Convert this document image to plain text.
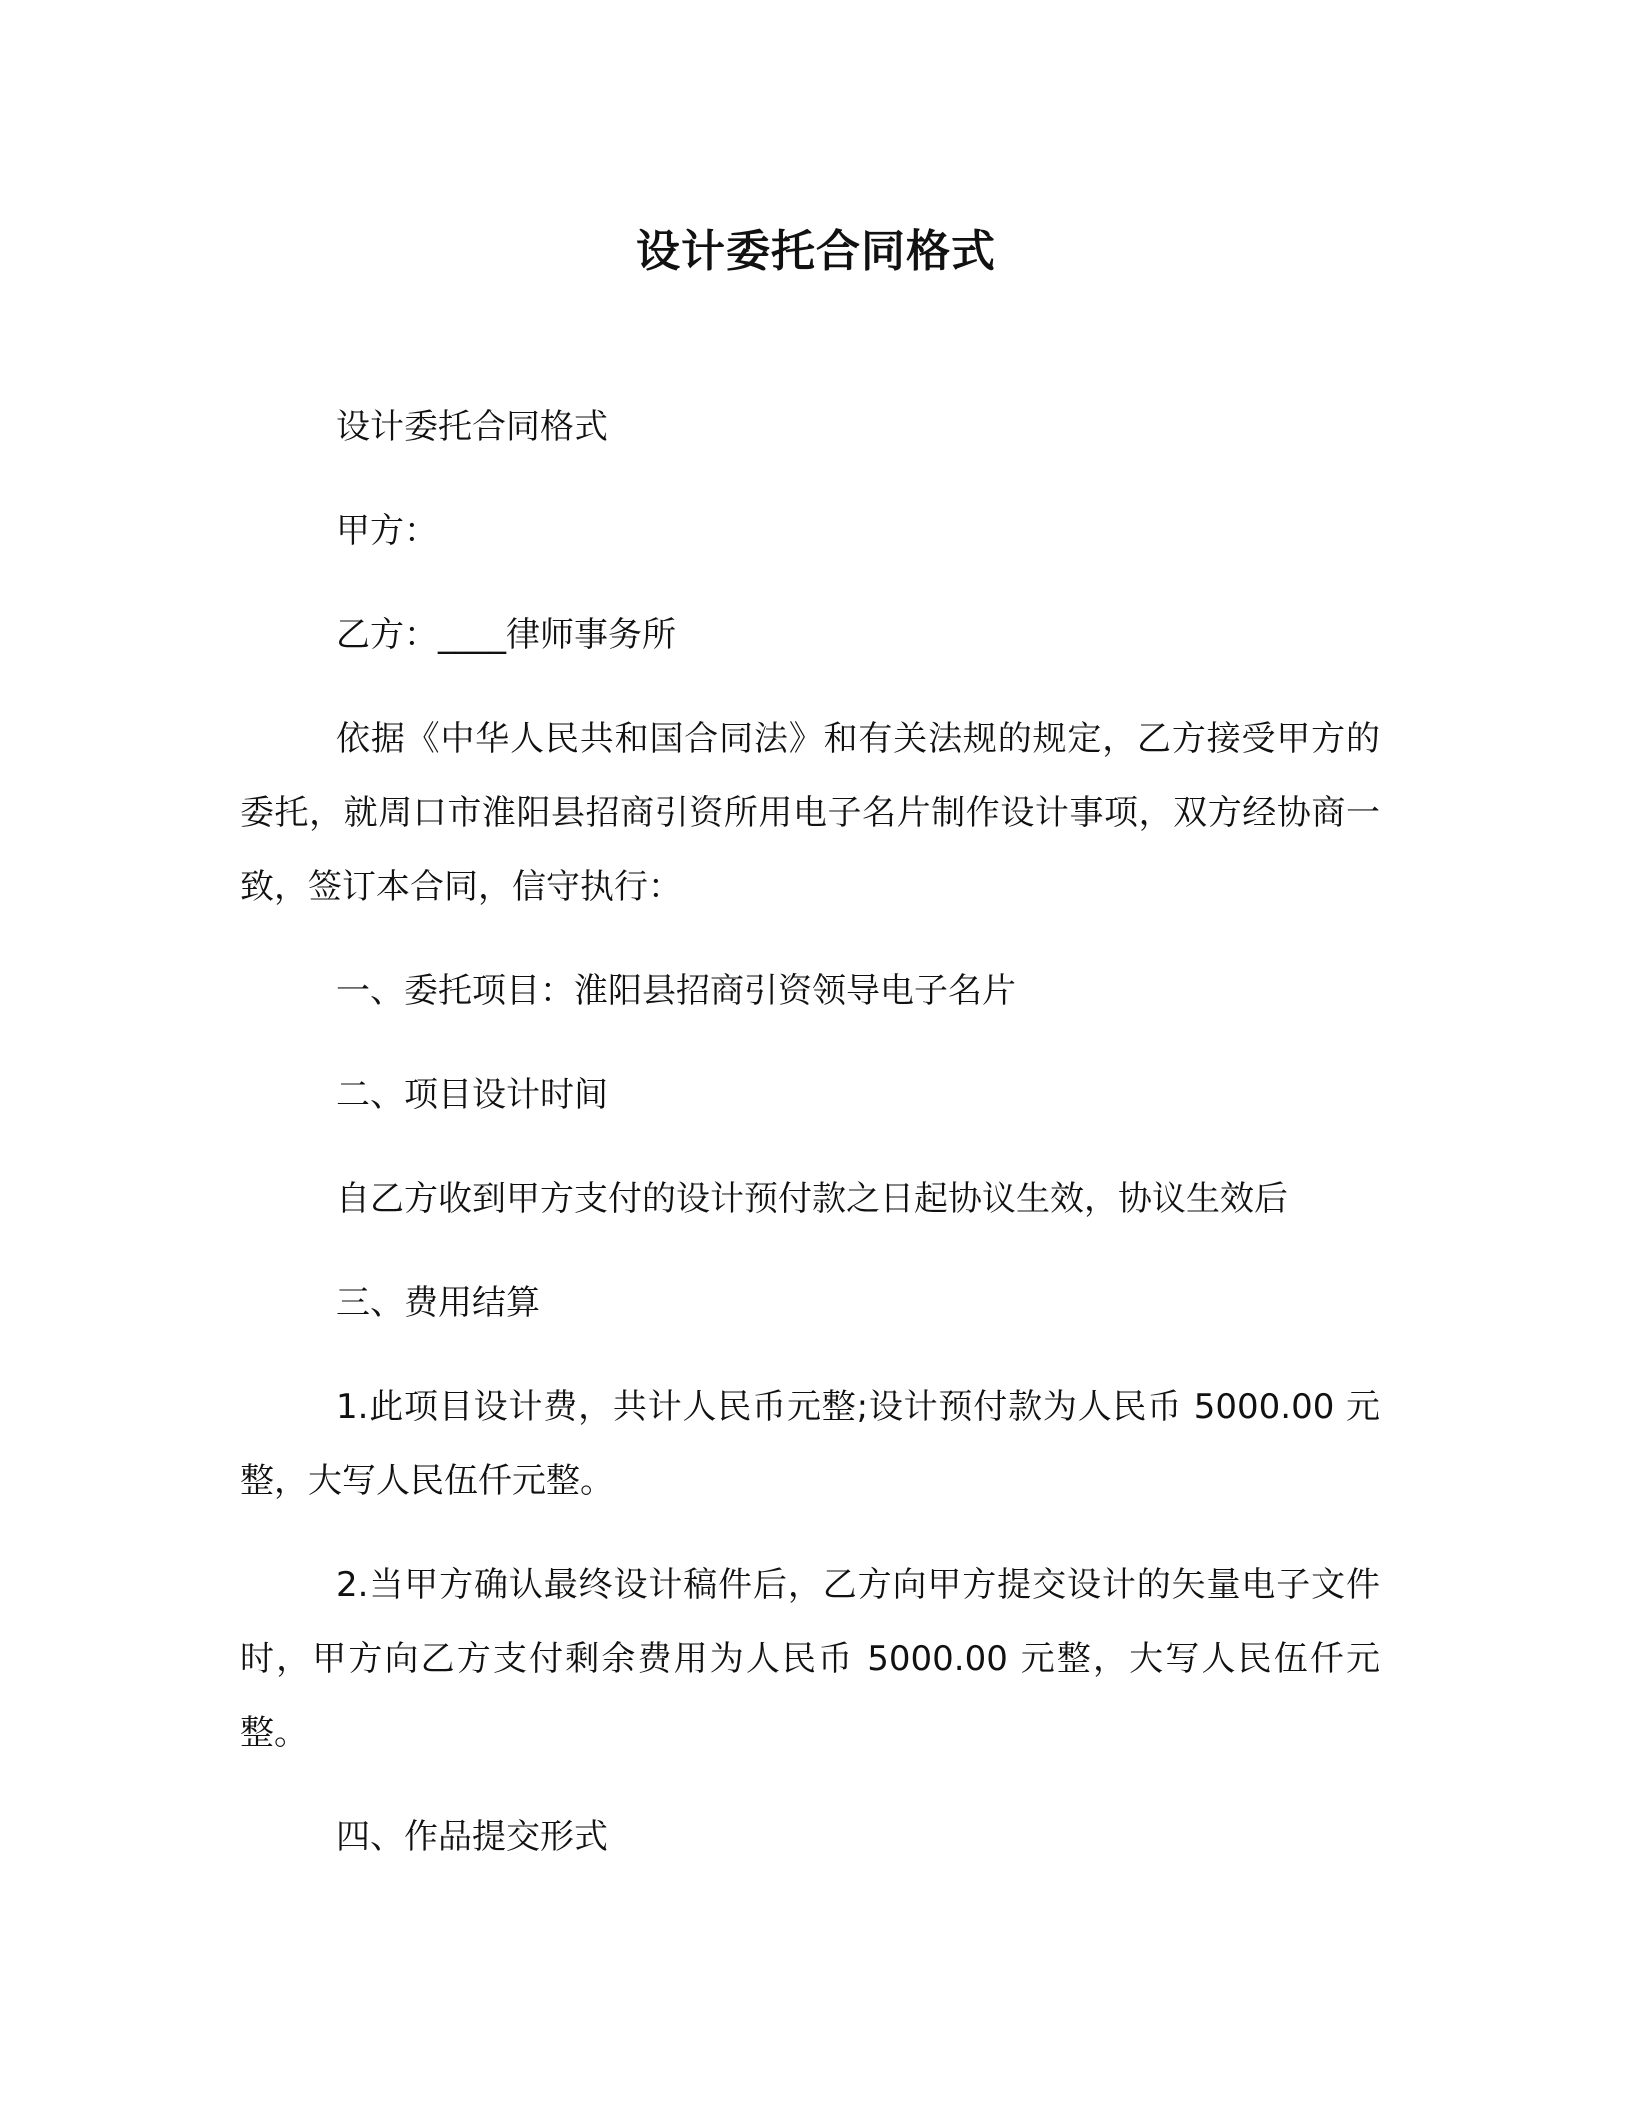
设计委托合同格式

设计委托合同格式

甲方：

乙方：____律师事务所

依据《中华人民共和国合同法》和有关法规的规定，乙方接受甲方的委托，就周口市淮阳县招商引资所用电子名片制作设计事项，双方经协商一致，签订本合同，信守执行：

一、委托项目：淮阳县招商引资领导电子名片

二、项目设计时间

自乙方收到甲方支付的设计预付款之日起协议生效，协议生效后

三、费用结算

1.此项目设计费，共计人民币元整;设计预付款为人民币 5000.00 元整，大写人民伍仟元整。

2.当甲方确认最终设计稿件后，乙方向甲方提交设计的矢量电子文件时，甲方向乙方支付剩余费用为人民币 5000.00 元整，大写人民伍仟元整。

四、作品提交形式
